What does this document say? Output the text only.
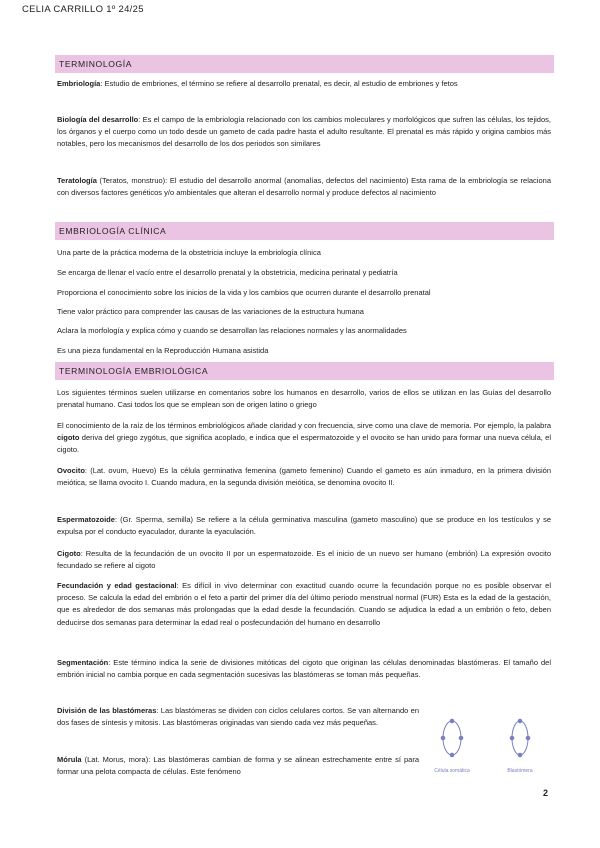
CELIA CARRILLO 1º 24/25
TERMINOLOGÍA
Embriología: Estudio de embriones, el término se refiere al desarrollo prenatal, es decir, al estudio de embriones y fetos
Biología del desarrollo: Es el campo de la embriología relacionado con los cambios moleculares y morfológicos que sufren las células, los tejidos, los órganos y el cuerpo como un todo desde un gameto de cada padre hasta el adulto resultante. El prenatal es más rápido y origina cambios más notables, pero los mecanismos del desarrollo de los dos periodos son similares
Teratología (Teratos, monstruo): El estudio del desarrollo anormal (anomalías, defectos del nacimiento) Esta rama de la embriología se relaciona con diversos factores genéticos y/o ambientales que alteran el desarrollo normal y produce defectos al nacimiento
EMBRIOLOGÍA CLÍNICA
Una parte de la práctica moderna de la obstetricia incluye la embriología clínica
Se encarga de llenar el vacío entre el desarrollo prenatal y la obstetricia, medicina perinatal y pediatría
Proporciona el conocimiento sobre los inicios de la vida y los cambios que ocurren durante el desarrollo prenatal
Tiene valor práctico para comprender las causas de las variaciones de la estructura humana
Aclara la morfología y explica cómo y cuando se desarrollan las relaciones normales y las anormalidades
Es una pieza fundamental en la Reproducción Humana asistida
TERMINOLOGÍA EMBRIOLÓGICA
Los siguientes términos suelen utilizarse en comentarios sobre los humanos en desarrollo, varios de ellos se utilizan en las Guías del desarrollo prenatal humano. Casi todos los que se emplean son de origen latino o griego
El conocimiento de la raíz de los términos embriológicos añade claridad y con frecuencia, sirve como una clave de memoria. Por ejemplo, la palabra cigoto deriva del griego zygótus, que significa acoplado, e indica que el espermatozoide y el ovocito se han unido para formar una nueva célula, el cigoto.
Ovocito: (Lat. ovum, Huevo) Es la célula germinativa femenina (gameto femenino) Cuando el gameto es aún inmaduro, en la primera división meiótica, se llama ovocito I. Cuando madura, en la segunda división meiótica, se denomina ovocito II.
Espermatozoide: (Gr. Sperma, semilla) Se refiere a la célula germinativa masculina (gameto masculino) que se produce en los testículos y se expulsa por el conducto eyaculador, durante la eyaculación.
Cigoto: Resulta de la fecundación de un ovocito II por un espermatozoide. Es el inicio de un nuevo ser humano (embrión) La expresión ovocito fecundado se refiere al cigoto
Fecundación y edad gestacional: Es difícil in vivo determinar con exactitud cuando ocurre la fecundación porque no es posible observar el proceso. Se calcula la edad del embrión o el feto a partir del primer día del último periodo menstrual normal (FUR) Esta es la edad de la gestación, que es alrededor de dos semanas más prolongadas que la edad desde la fecundación. Cuando se adjudica la edad a un embrión o feto, deben deducirse dos semanas para determinar la edad real o posfecundación del humano en desarrollo
Segmentación: Este término indica la serie de divisiones mitóticas del cigoto que originan las células denominadas blastómeras. El tamaño del embrión inicial no cambia porque en cada segmentación sucesivas las blastómeras se toman más pequeñas.
División de las blastómeras: Las blastómeras se dividen con ciclos celulares cortos. Se van alternando en dos fases de síntesis y mitosis. Las blastómeras originadas van siendo cada vez más pequeñas.
Mórula (Lat. Morus, mora): Las blastómeras cambian de forma y se alinean estrechamente entre sí para formar una pelota compacta de células. Este fenómeno	Célula somática	Blastómera
2
